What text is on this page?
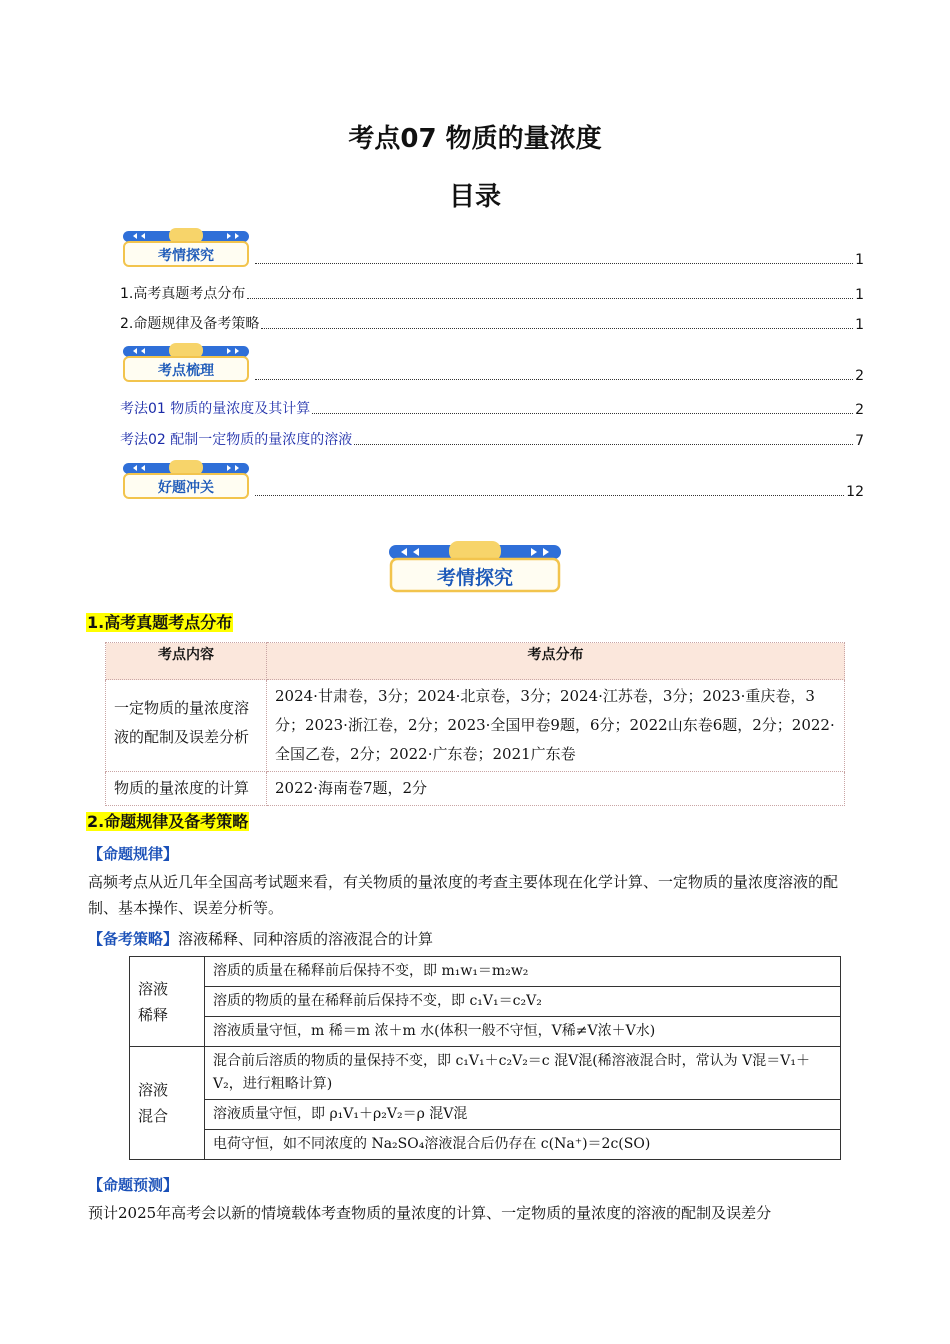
考点07 物质的量浓度
目录
考情探究	1
1.高考真题考点分布	1
2.命题规律及备考策略	1
考点梳理	2
考法01 物质的量浓度及其计算	2
考法02 配制一定物质的量浓度的溶液	7
好题冲关	12
考情探究
1.高考真题考点分布
考点内容	考点分布
一定物质的量浓度溶液的配制及误差分析	2024·甘肃卷，3分；2024·北京卷，3分；2024·江苏卷，3分；2023·重庆卷，3分；2023·浙江卷，2分；2023·全国甲卷9题，6分；2022山东卷6题，2分；2022·全国乙卷，2分；2022·广东卷；2021广东卷
物质的量浓度的计算	2022·海南卷7题，2分
2.命题规律及备考策略
【命题规律】
高频考点从近几年全国高考试题来看，有关物质的量浓度的考查主要体现在化学计算、一定物质的量浓度溶液的配制、基本操作、误差分析等。
【备考策略】溶液稀释、同种溶质的溶液混合的计算
溶液
稀释	溶质的质量在稀释前后保持不变，即 m₁w₁＝m₂w₂
	溶质的物质的量在稀释前后保持不变，即 c₁V₁＝c₂V₂
	溶液质量守恒，m 稀＝m 浓＋m 水(体积一般不守恒，V稀≠V浓＋V水)

溶液
混合	混合前后溶质的物质的量保持不变，即 c₁V₁＋c₂V₂＝c 混V混(稀溶液混合时，常认为 V混＝V₁＋V₂，进行粗略计算)
	溶液质量守恒，即 ρ₁V₁＋ρ₂V₂＝ρ 混V混
	电荷守恒，如不同浓度的 Na₂SO₄溶液混合后仍存在 c(Na⁺)＝2c(SO)
【命题预测】
预计2025年高考会以新的情境载体考查物质的量浓度的计算、一定物质的量浓度的溶液的配制及误差分
